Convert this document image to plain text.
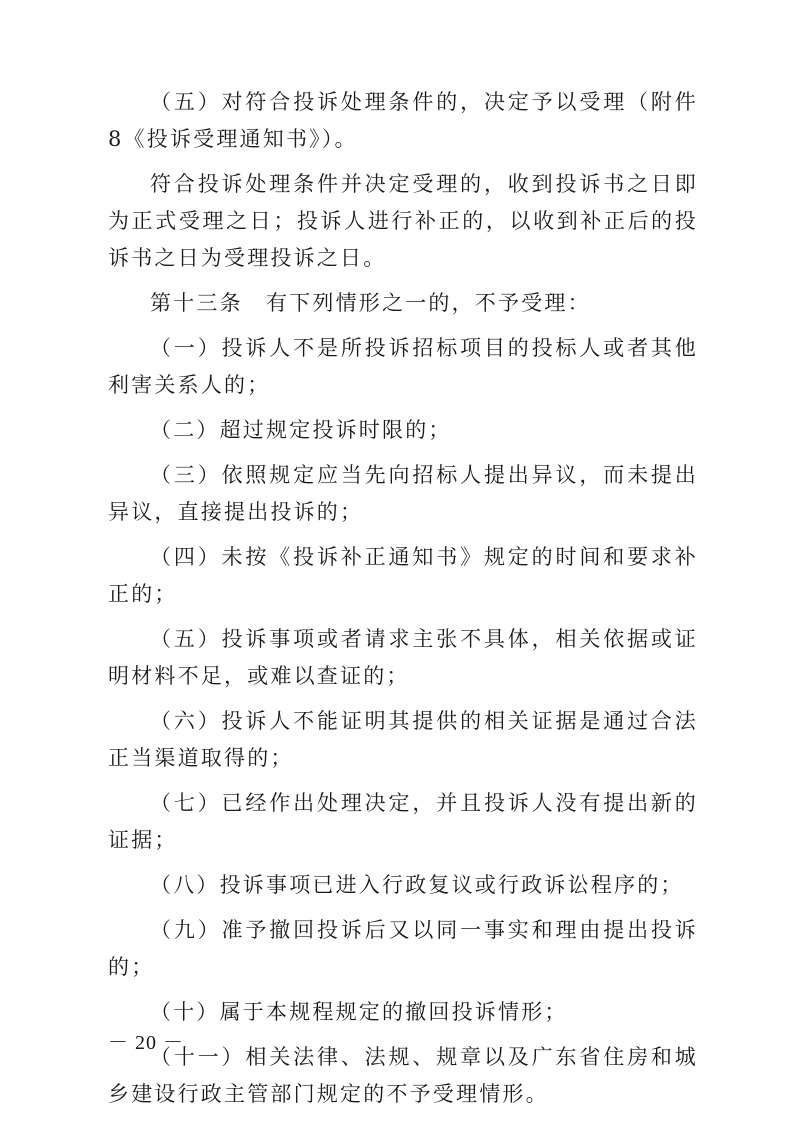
（五）对符合投诉处理条件的，决定予以受理（附件8《投诉受理通知书》）。

符合投诉处理条件并决定受理的，收到投诉书之日即为正式受理之日；投诉人进行补正的，以收到补正后的投诉书之日为受理投诉之日。

第十三条　有下列情形之一的，不予受理：

（一）投诉人不是所投诉招标项目的投标人或者其他利害关系人的；

（二）超过规定投诉时限的；

（三）依照规定应当先向招标人提出异议，而未提出异议，直接提出投诉的；

（四）未按《投诉补正通知书》规定的时间和要求补正的；

（五）投诉事项或者请求主张不具体，相关依据或证明材料不足，或难以查证的；

（六）投诉人不能证明其提供的相关证据是通过合法正当渠道取得的；

（七）已经作出处理决定，并且投诉人没有提出新的证据；

（八）投诉事项已进入行政复议或行政诉讼程序的；

（九）准予撤回投诉后又以同一事实和理由提出投诉的；

（十）属于本规程规定的撤回投诉情形；

（十一）相关法律、法规、规章以及广东省住房和城乡建设行政主管部门规定的不予受理情形。

－ 20 －
